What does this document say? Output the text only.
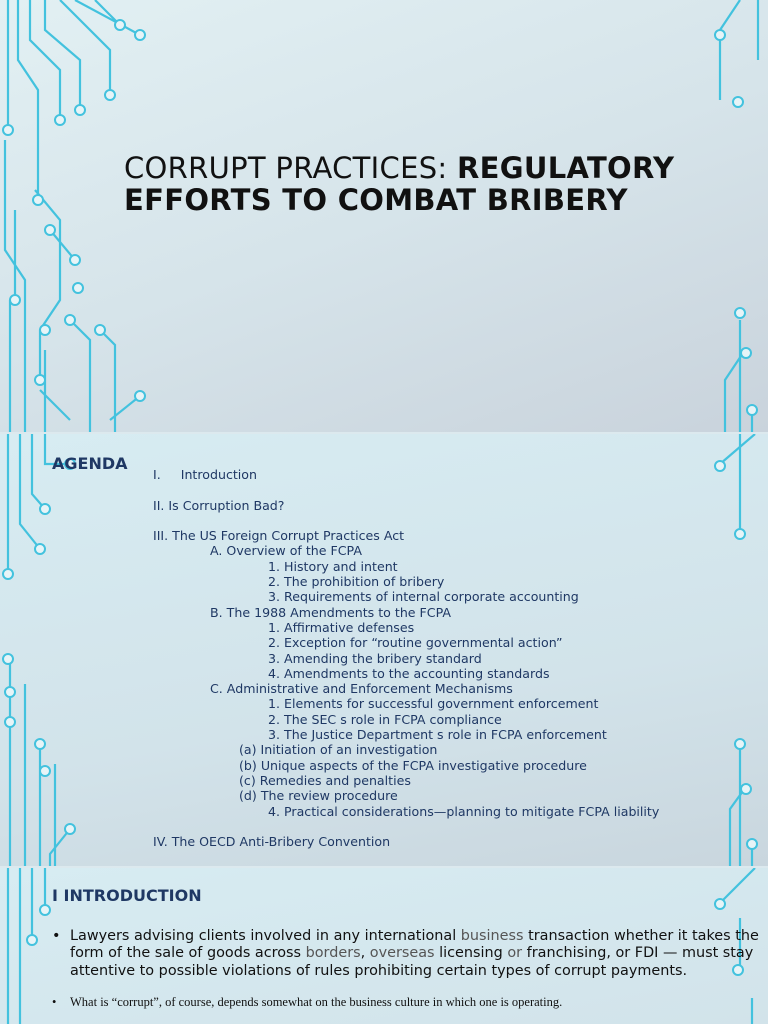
CORRUPT PRACTICES: REGULATORY EFFORTS TO COMBAT BRIBERY
AGENDA
I.     Introduction
II. Is Corruption Bad?
III. The US Foreign Corrupt Practices Act
A. Overview of the FCPA
1. History and intent
2. The prohibition of bribery
3. Requirements of internal corporate accounting
B. The 1988 Amendments to the FCPA
1. Affirmative defenses
2. Exception for “routine governmental action”
3. Amending the bribery standard
4. Amendments to the accounting standards
C. Administrative and Enforcement Mechanisms
1. Elements for successful government enforcement
2. The SEC s role in FCPA compliance
3. The Justice Department s role in FCPA enforcement
(a) Initiation of an investigation
(b) Unique aspects of the FCPA investigative procedure
(c) Remedies and penalties
(d) The review procedure
4. Practical considerations—planning to mitigate FCPA liability
IV. The OECD Anti-Bribery Convention
I INTRODUCTION
• Lawyers advising clients involved in any international business transaction whether it takes the form of the sale of goods across borders, overseas licensing or franchising, or FDI — must stay attentive to possible violations of rules prohibiting certain types of corrupt payments.
• What is “corrupt”, of course, depends somewhat on the business culture in which one is operating.
